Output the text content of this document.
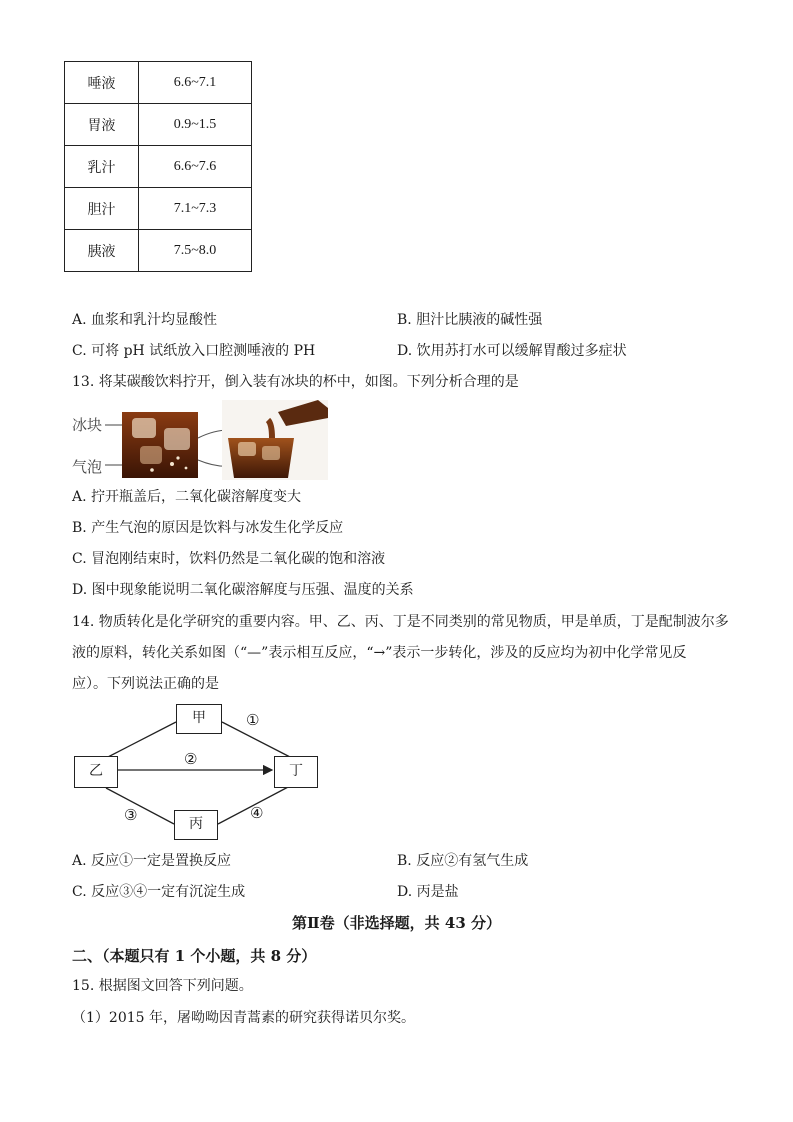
唾液	6.6~7.1
胃液	0.9~1.5
乳汁	6.6~7.6
胆汁	7.1~7.3
胰液	7.5~8.0
A. 血浆和乳汁均显酸性	B. 胆汁比胰液的碱性强
C. 可将 pH 试纸放入口腔测唾液的 PH	D. 饮用苏打水可以缓解胃酸过多症状
13. 将某碳酸饮料拧开，倒入装有冰块的杯中，如图。下列分析合理的是
冰块
气泡
A. 拧开瓶盖后，二氧化碳溶解度变大
B. 产生气泡的原因是饮料与冰发生化学反应
C. 冒泡刚结束时，饮料仍然是二氧化碳的饱和溶液
D. 图中现象能说明二氧化碳溶解度与压强、温度的关系
14. 物质转化是化学研究的重要内容。甲、乙、丙、丁是不同类别的常见物质，甲是单质，丁是配制波尔多
液的原料，转化关系如图（“—”表示相互反应，“→”表示一步转化，涉及的反应均为初中化学常见反
应）。下列说法正确的是
甲
乙	丁
丙
①
②
③	④
A. 反应①一定是置换反应	B. 反应②有氢气生成
C. 反应③④一定有沉淀生成	D. 丙是盐
第Ⅱ卷（非选择题，共 43 分）
二、（本题只有 1 个小题，共 8 分）
15. 根据图文回答下列问题。
（1）2015 年，屠呦呦因青蒿素的研究获得诺贝尔奖。
